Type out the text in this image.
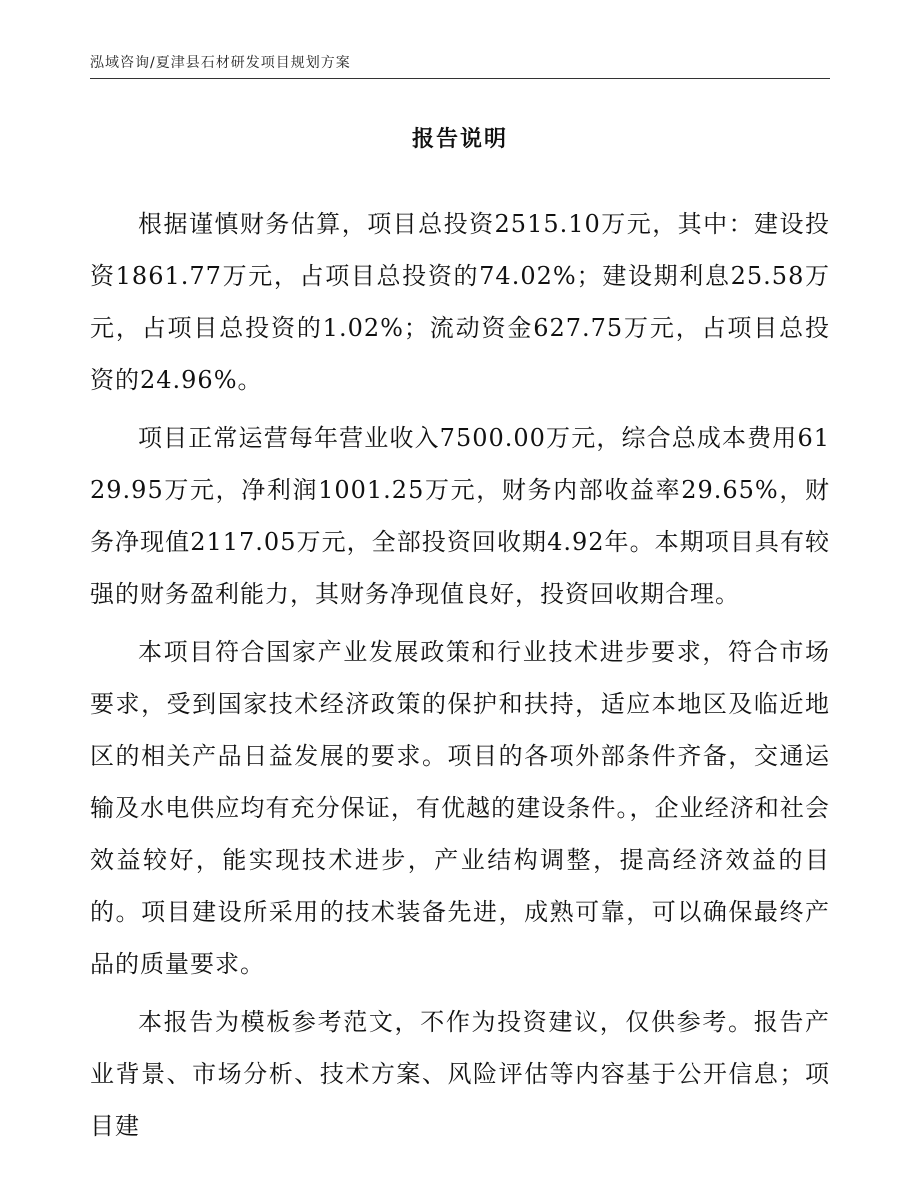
泓域咨询/夏津县石材研发项目规划方案
报告说明

根据谨慎财务估算，项目总投资2515.10万元，其中：建设投资1861.77万元，占项目总投资的74.02%；建设期利息25.58万元，占项目总投资的1.02%；流动资金627.75万元，占项目总投资的24.96%。

项目正常运营每年营业收入7500.00万元，综合总成本费用6129.95万元，净利润1001.25万元，财务内部收益率29.65%，财务净现值2117.05万元，全部投资回收期4.92年。本期项目具有较强的财务盈利能力，其财务净现值良好，投资回收期合理。

本项目符合国家产业发展政策和行业技术进步要求，符合市场要求，受到国家技术经济政策的保护和扶持，适应本地区及临近地区的相关产品日益发展的要求。项目的各项外部条件齐备，交通运输及水电供应均有充分保证，有优越的建设条件。，企业经济和社会效益较好，能实现技术进步，产业结构调整，提高经济效益的目的。项目建设所采用的技术装备先进，成熟可靠，可以确保最终产品的质量要求。

本报告为模板参考范文，不作为投资建议，仅供参考。报告产业背景、市场分析、技术方案、风险评估等内容基于公开信息；项目建
